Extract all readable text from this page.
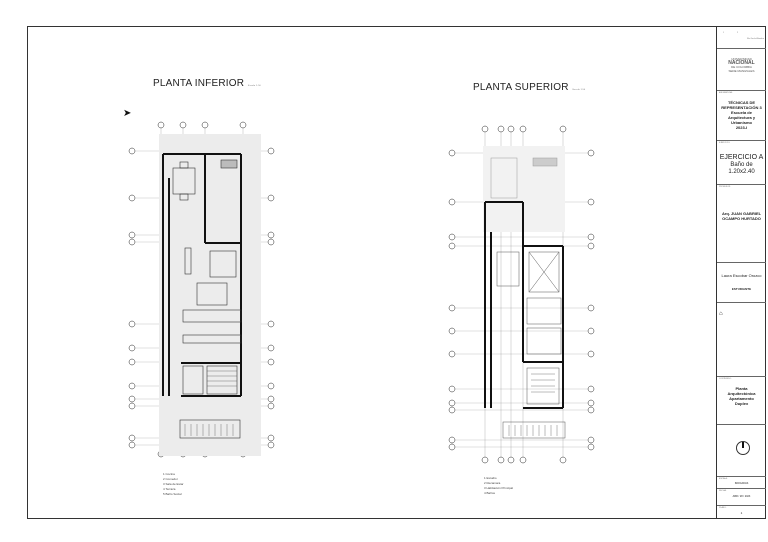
PLANTA INFERIOR Escala 1:50	PLANTA SUPERIOR Escala 1:50
➤
1 Cocina
2 Comedor
3 Sala de Estar
4 Terraza
5 Baño Social
1 Estudio
2 Recamara
3 Habitación Principal
4 Baños
1	2
Fila Fecha/Nombre
UNIVERSIDAD
NACIONAL
DE COLOMBIA
SEDE MANIZALES
ASIGNATURA:
TÉCNICAS DE
REPRESENTACIÓN 3
Escuela de
Arquitectura y
Urbanismo
2023-I
EJERCICIO:
EJERCICIO A
Baño de
1.20x2.40
PROFESOR:
Arq. JUAN GABRIEL
OCAMPO HURTADO
Laura Escobar Orozco
ESTUDIANTE
⌂
CONTENIDO:
Planta
Arquitectónica
Apartamento
Duplex
ESCALA:
INDICADAS
FECHA:
ABR / 28 / 2023
PLANO:
1
